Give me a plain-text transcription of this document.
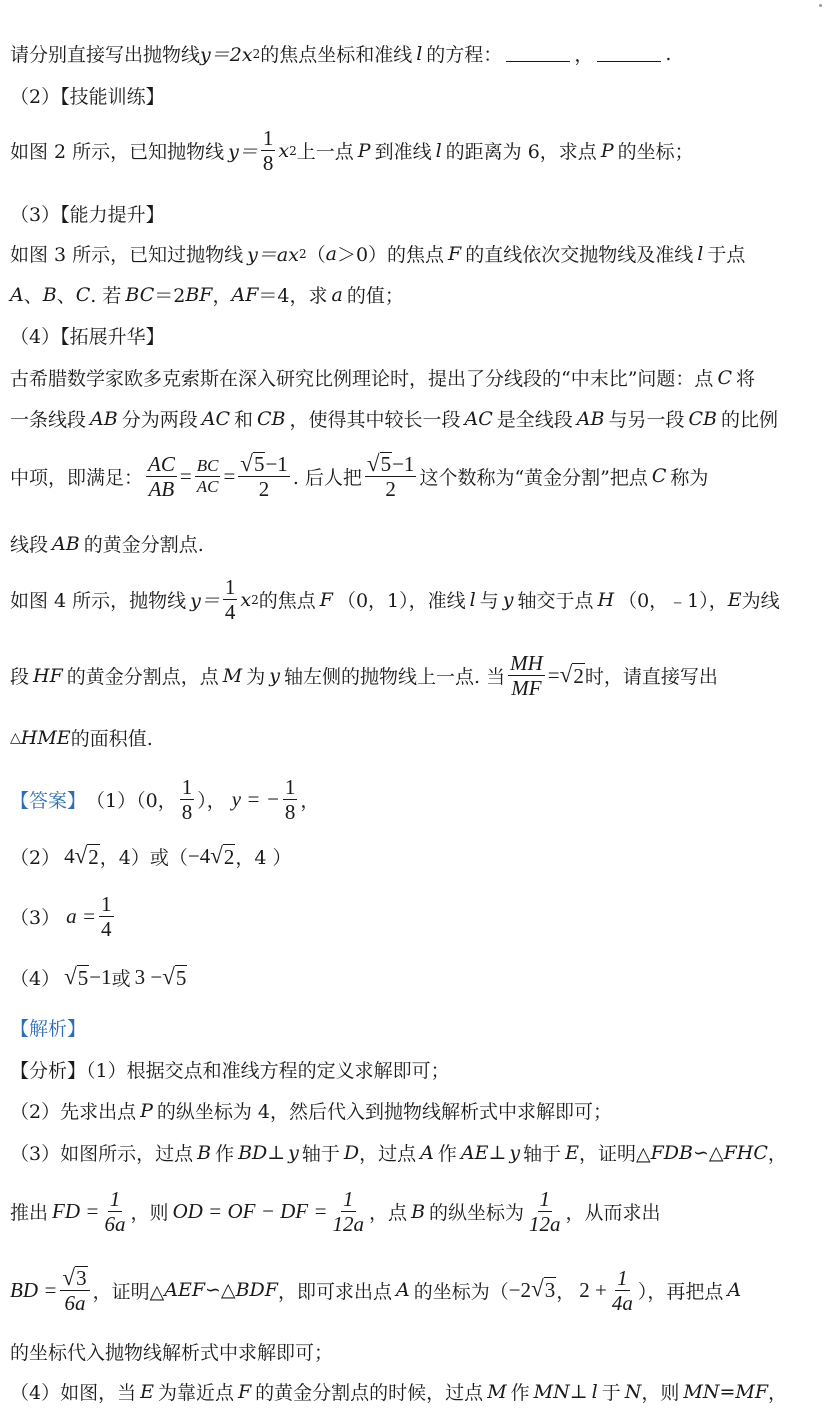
请分别直接写出抛物线 y＝2x 2 的焦点坐标和准线 l 的方程：	，	.
（2）【技能训练】
如图 2 所示，已知抛物线 $y= \frac{1}{8}$ x 2 上一点 P 到准线 l 的距离为 6，求点 P 的坐标；
（3）【能力提升】
如图 3 所示，已知过抛物线 y＝ax 2 （ a ＞0）的焦点 F 的直线依次交抛物线及准线 l 于点
A 、 B 、 C . 若 BC ＝2 BF ， AF ＝4，求 a 的值；
（4）【拓展升华】
古希腊数学家欧多克索斯在深入研究比例理论时，提出了分线段的“中末比”问题：点 C 将
一条线段 AB 分为两段 AC 和 CB ，使得其中较长一段 AC 是全线段 AB 与另一段 CB 的比例
中项，即满足： $\frac{AC}{AB} = \frac{BC}{AC} = \frac{√ 5 -1}{2}$ . 后人把 $\frac{√ 5 -1}{2}$ 这个数称为“黄金分割”把点 C 称为
线段 AB 的黄金分割点.
如图 4 所示，抛物线 $y= \frac{1}{4}$ x 2 的焦点 F （0，1），准线 l 与 y 轴交于点 H （0，﹣1）， E 为线
段 HF 的黄金分割点，点 M 为 y 轴左侧的抛物线上一点. 当 $\frac{MH}{MF}$ = √ 2 时，请直接写出
△ HME 的面积值.
【答案】 （1）（0， $\frac{1}{8}$ ）， y = − $\frac{1}{8}$ ，
（2） 4 √ 2 ，4）或（ −4 √ 2 ，4 ）
（3） $a = \frac{1}{4}$
（4） √ 5 −1 或 3 − √ 5
【解析】
【分析】（1）根据交点和准线方程的定义求解即可；
（2）先求出点 P 的纵坐标为 4，然后代入到抛物线解析式中求解即可；
（3）如图所示，过点 B 作 BD ⊥ y 轴于 D ，过点 A 作 AE ⊥ y 轴于 E ，证明△ FDB ∽△ FHC ，
推出 FD = $\frac{1}{6a}$ ，则 OD = OF − DF = $\frac{1}{12a}$ ，点 B 的纵坐标为 $\frac{1}{12a}$ ，从而求出
BD = $\frac{√ 3}{6a}$ ，证明△ AEF ∽△ BDF ，即可求出点 A 的坐标为（ −2 √ 3 ， $2 + \frac{1}{4a}$ ），再把点 A
的坐标代入抛物线解析式中求解即可；
（4）如图，当 E 为靠近点 F 的黄金分割点的时候，过点 M 作 MN ⊥ l 于 N ，则 MN=MF ，
